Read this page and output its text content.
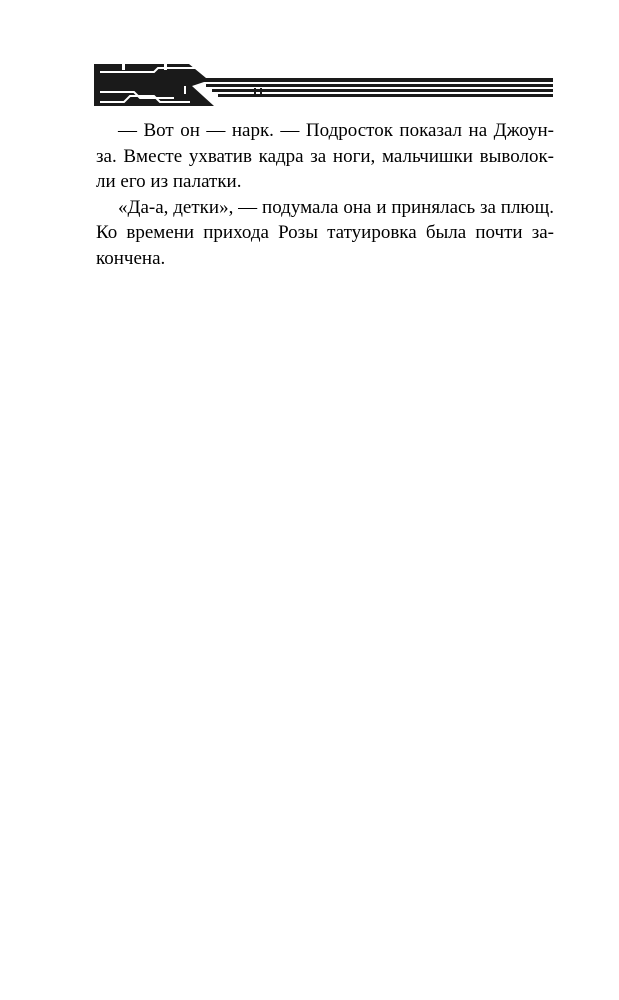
— Вот он — нарк. — Подросток показал на Джоун-
за. Вместе ухватив кадра за ноги, мальчишки выволок-
ли его из палатки.

«Да-а, детки», — подумала она и принялась за плющ.
Ко времени прихода Розы татуировка была почти за-
кончена.
